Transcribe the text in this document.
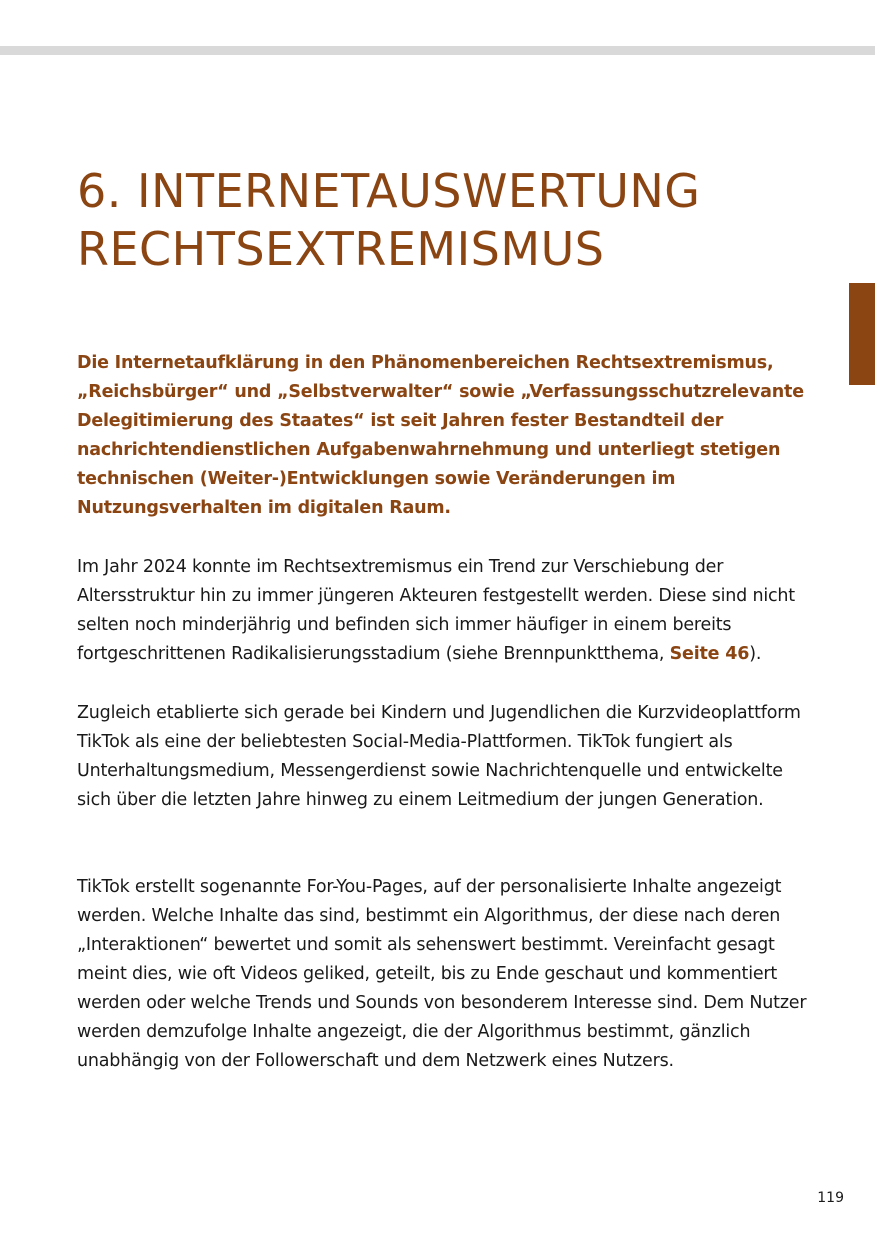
6. INTERNETAUSWERTUNG
RECHTSEXTREMISMUS

Die Internetaufklärung in den Phänomenbereichen Rechtsextremismus, „Reichsbürger“ und „Selbstverwalter“ sowie „Verfassungsschutzrelevante Delegitimierung des Staates“ ist seit Jahren fester Bestandteil der nachrichtendienstlichen Aufgabenwahrnehmung und unterliegt stetigen technischen (Weiter-)Entwicklungen sowie Veränderungen im Nutzungsverhalten im digitalen Raum.

Im Jahr 2024 konnte im Rechtsextremismus ein Trend zur Verschiebung der Altersstruktur hin zu immer jüngeren Akteuren festgestellt werden. Diese sind nicht selten noch minderjährig und befinden sich immer häufiger in einem bereits fortgeschrittenen Radikalisierungsstadium (siehe Brennpunktthema, Seite 46).

Zugleich etablierte sich gerade bei Kindern und Jugendlichen die Kurzvideoplattform TikTok als eine der beliebtesten Social-Media-Plattformen. TikTok fungiert als Unterhaltungsmedium, Messengerdienst sowie Nachrichtenquelle und entwickelte sich über die letzten Jahre hinweg zu einem Leitmedium der jungen Generation.

TikTok erstellt sogenannte For-You-Pages, auf der personalisierte Inhalte angezeigt werden. Welche Inhalte das sind, bestimmt ein Algorithmus, der diese nach deren „Interaktionen“ bewertet und somit als sehenswert bestimmt. Vereinfacht gesagt meint dies, wie oft Videos geliked, geteilt, bis zu Ende geschaut und kommentiert werden oder welche Trends und Sounds von besonderem Interesse sind. Dem Nutzer werden demzufolge Inhalte angezeigt, die der Algorithmus bestimmt, gänzlich unabhängig von der Followerschaft und dem Netzwerk eines Nutzers.

119
